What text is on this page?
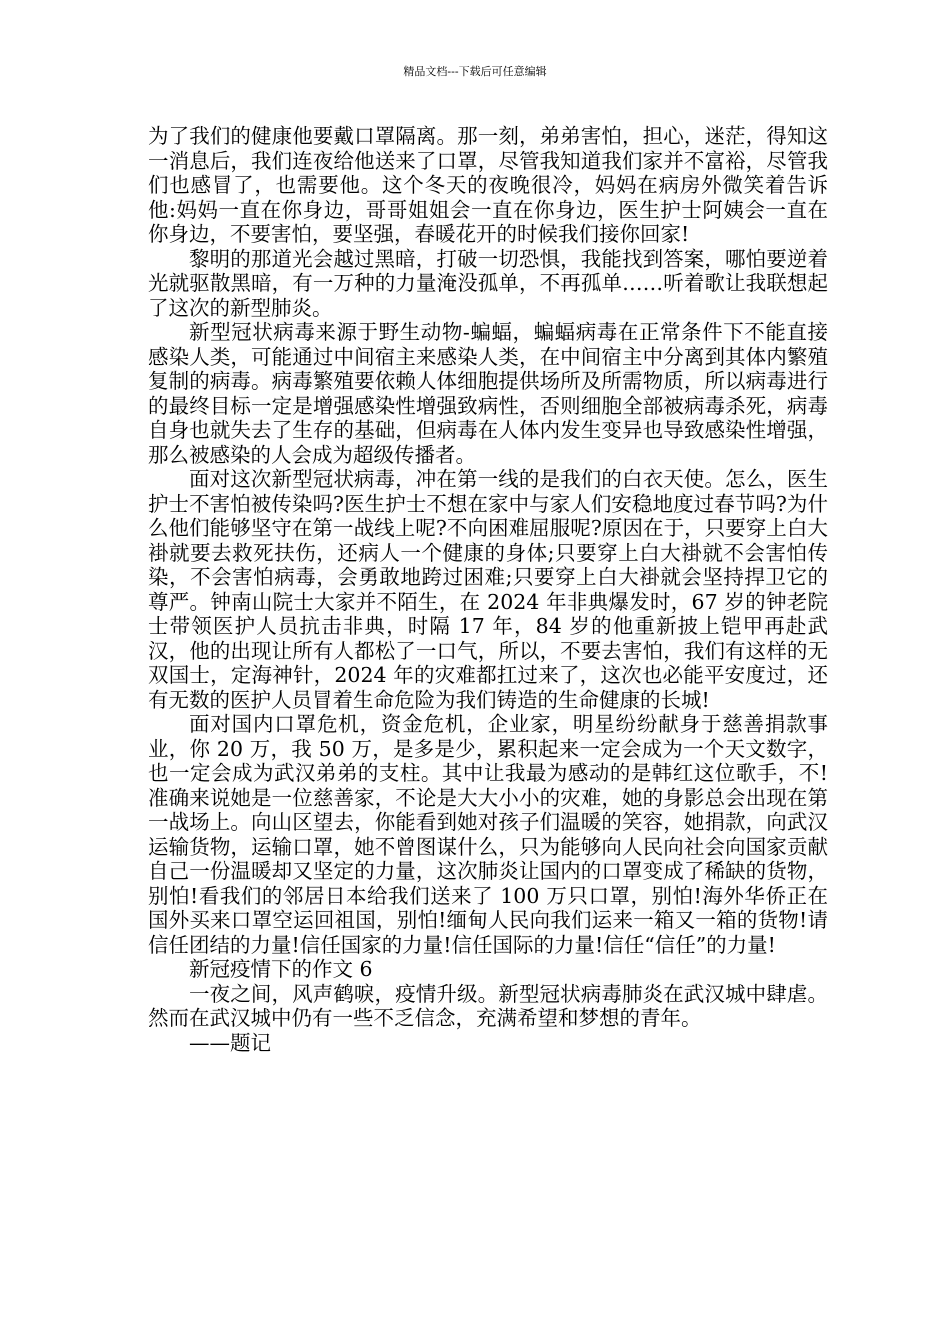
精品文档---下载后可任意编辑

为了我们的健康他要戴口罩隔离。那一刻，弟弟害怕，担心，迷茫，得知这一消息后，我们连夜给他送来了口罩，尽管我知道我们家并不富裕，尽管我们也感冒了，也需要他。这个冬天的夜晚很冷，妈妈在病房外微笑着告诉他:妈妈一直在你身边，哥哥姐姐会一直在你身边，医生护士阿姨会一直在你身边，不要害怕，要坚强，春暖花开的时候我们接你回家!

黎明的那道光会越过黑暗，打破一切恐惧，我能找到答案，哪怕要逆着光就驱散黑暗，有一万种的力量淹没孤单，不再孤单……听着歌让我联想起了这次的新型肺炎。

新型冠状病毒来源于野生动物-蝙蝠，蝙蝠病毒在正常条件下不能直接感染人类，可能通过中间宿主来感染人类，在中间宿主中分离到其体内繁殖复制的病毒。病毒繁殖要依赖人体细胞提供场所及所需物质，所以病毒进行的最终目标一定是增强感染性增强致病性，否则细胞全部被病毒杀死，病毒自身也就失去了生存的基础，但病毒在人体内发生变异也导致感染性增强，那么被感染的人会成为超级传播者。

面对这次新型冠状病毒，冲在第一线的是我们的白衣天使。怎么，医生护士不害怕被传染吗?医生护士不想在家中与家人们安稳地度过春节吗?为什么他们能够坚守在第一战线上呢?不向困难屈服呢?原因在于，只要穿上白大褂就要去救死扶伤，还病人一个健康的身体;只要穿上白大褂就不会害怕传染，不会害怕病毒，会勇敢地跨过困难;只要穿上白大褂就会坚持捍卫它的尊严。钟南山院士大家并不陌生，在 2024 年非典爆发时，67 岁的钟老院士带领医护人员抗击非典，时隔 17 年，84 岁的他重新披上铠甲再赴武汉，他的出现让所有人都松了一口气，所以，不要去害怕，我们有这样的无双国士，定海神针，2024 年的灾难都扛过来了，这次也必能平安度过，还有无数的医护人员冒着生命危险为我们铸造的生命健康的长城!

面对国内口罩危机，资金危机，企业家，明星纷纷献身于慈善捐款事业，你 20 万，我 50 万，是多是少，累积起来一定会成为一个天文数字，也一定会成为武汉弟弟的支柱。其中让我最为感动的是韩红这位歌手，不!准确来说她是一位慈善家，不论是大大小小的灾难，她的身影总会出现在第一战场上。向山区望去，你能看到她对孩子们温暖的笑容，她捐款，向武汉运输货物，运输口罩，她不曾图谋什么，只为能够向人民向社会向国家贡献自己一份温暖却又坚定的力量，这次肺炎让国内的口罩变成了稀缺的货物，别怕!看我们的邻居日本给我们送来了 100 万只口罩，别怕!海外华侨正在国外买来口罩空运回祖国，别怕!缅甸人民向我们运来一箱又一箱的货物!请信任团结的力量!信任国家的力量!信任国际的力量!信任“信任”的力量!

新冠疫情下的作文 6

一夜之间，风声鹤唳，疫情升级。新型冠状病毒肺炎在武汉城中肆虐。然而在武汉城中仍有一些不乏信念，充满希望和梦想的青年。

——题记
